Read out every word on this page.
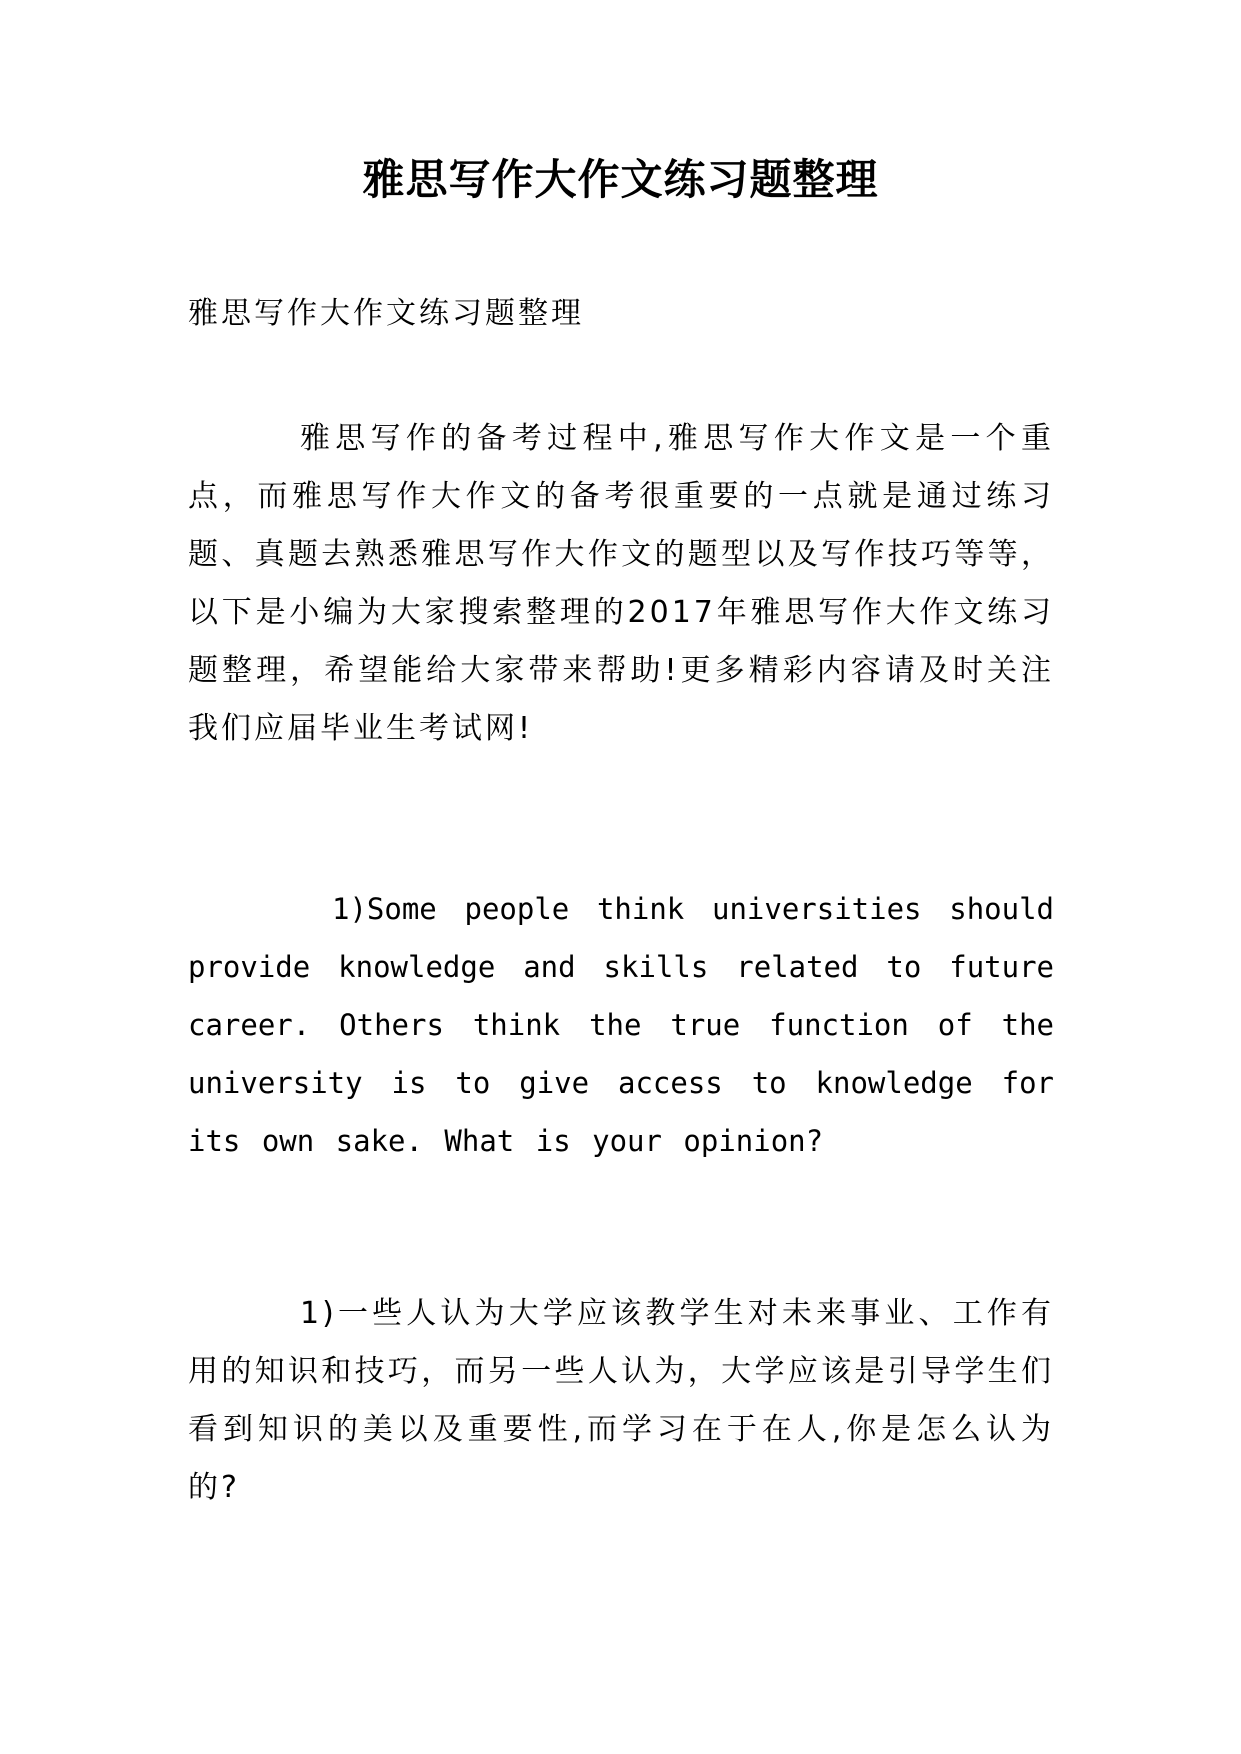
雅思写作大作文练习题整理
雅思写作大作文练习题整理

雅思写作的备考过程中,雅思写作大作文是一个重点，而雅思写作大作文的备考很重要的一点就是通过练习题、真题去熟悉雅思写作大作文的题型以及写作技巧等等，以下是小编为大家搜索整理的2017年雅思写作大作文练习题整理，希望能给大家带来帮助!更多精彩内容请及时关注我们应届毕业生考试网!

1)Some people think universities should provide knowledge and skills related to future career. Others think the true function of the university is to give access to knowledge for its own sake. What is your opinion?

1)一些人认为大学应该教学生对未来事业、工作有用的知识和技巧，而另一些人认为，大学应该是引导学生们看到知识的美以及重要性,而学习在于在人,你是怎么认为的?
